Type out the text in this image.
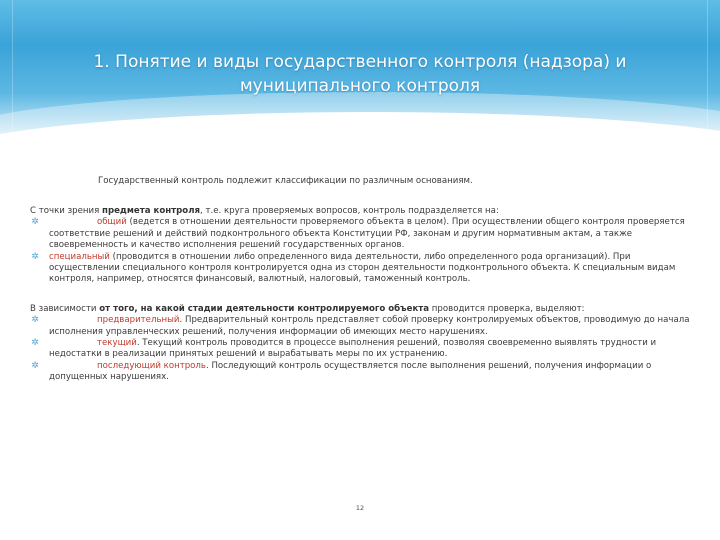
1. Понятие и виды государственного контроля (надзора) и муниципального контроля
Государственный контроль подлежит классификации по различным основаниям.

С точки зрения предмета контроля, т.е. круга проверяемых вопросов, контроль подразделяется на:

✲	общий (ведется в отношении деятельности проверяемого объекта в целом). При осуществлении общего контроля проверяется соответствие решений и действий подконтрольного объекта Конституции РФ, законам и другим нормативным актам, а также своевременность и качество исполнения решений государственных органов.
✲ специальный (проводится в отношении либо определенного вида деятельности, либо определенного рода организаций). При осуществлении специального контроля контролируется одна из сторон деятельности подконтрольного объекта. К специальным видам контроля, например, относятся финансовый, валютный, налоговый, таможенный контроль.

В зависимости от того, на какой стадии деятельности контролируемого объекта проводится проверка, выделяют:

✲	предварительный. Предварительный контроль представляет собой проверку контролируемых объектов, проводимую до начала исполнения управленческих решений, получения информации об имеющих место нарушениях.
✲	текущий. Текущий контроль проводится в процессе выполнения решений, позволяя своевременно выявлять трудности и недостатки в реализации принятых решений и вырабатывать меры по их устранению.
✲	последующий контроль. Последующий контроль осуществляется после выполнения решений, получения информации о допущенных нарушениях.
12
